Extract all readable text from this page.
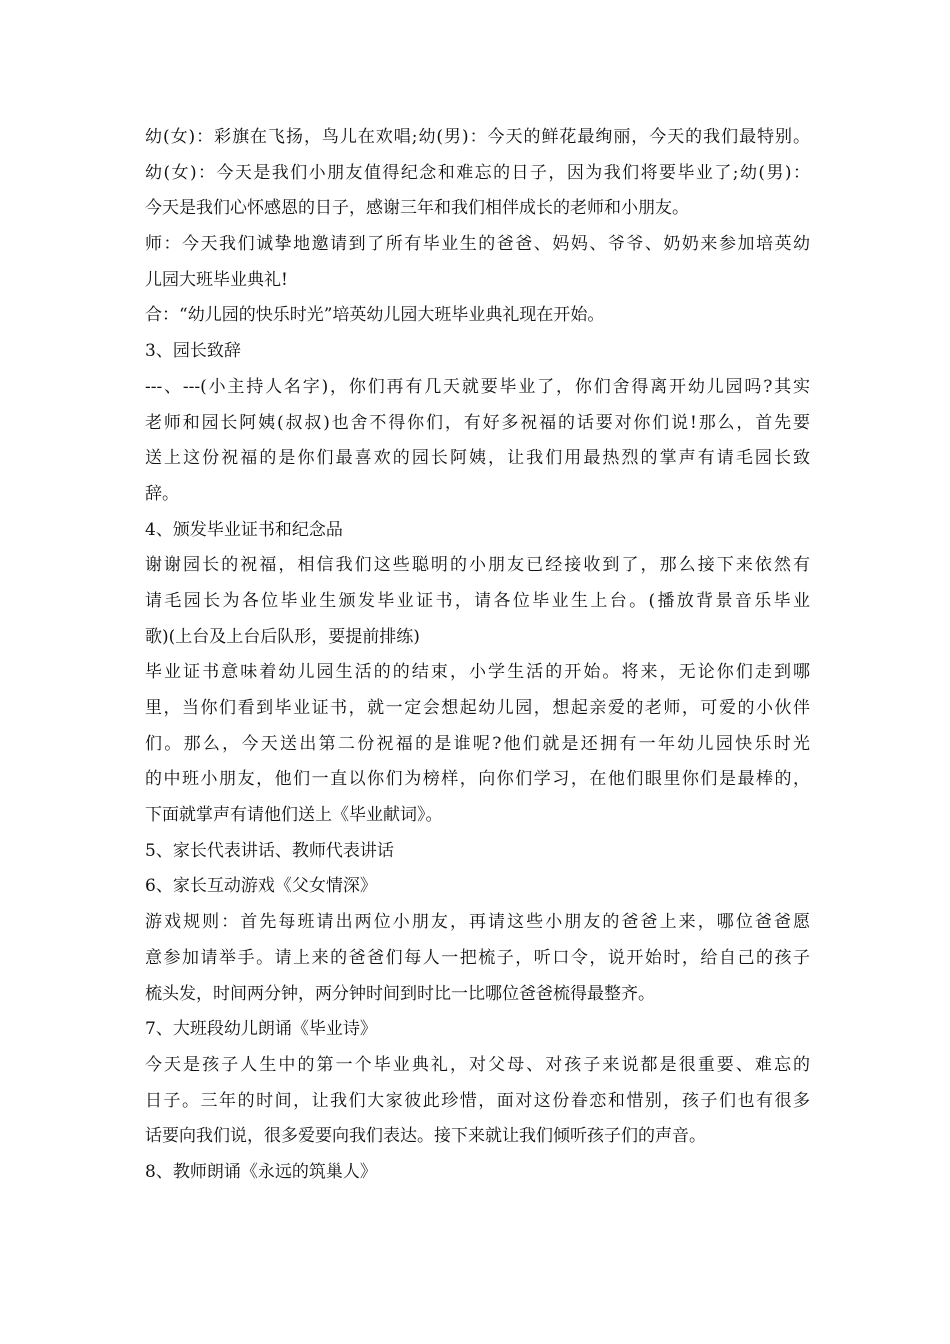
幼(女)：彩旗在飞扬，鸟儿在欢唱;幼(男)：今天的鲜花最绚丽，今天的我们最特别。
幼(女)：今天是我们小朋友值得纪念和难忘的日子，因为我们将要毕业了;幼(男)：
今天是我们心怀感恩的日子，感谢三年和我们相伴成长的老师和小朋友。
师：今天我们诚挚地邀请到了所有毕业生的爸爸、妈妈、爷爷、奶奶来参加培英幼
儿园大班毕业典礼!
合：“幼儿园的快乐时光”培英幼儿园大班毕业典礼现在开始。
3、园长致辞
---、---(小主持人名字)，你们再有几天就要毕业了，你们舍得离开幼儿园吗?其实
老师和园长阿姨(叔叔)也舍不得你们，有好多祝福的话要对你们说!那么，首先要
送上这份祝福的是你们最喜欢的园长阿姨，让我们用最热烈的掌声有请毛园长致
辞。
4、颁发毕业证书和纪念品
谢谢园长的祝福，相信我们这些聪明的小朋友已经接收到了，那么接下来依然有
请毛园长为各位毕业生颁发毕业证书，请各位毕业生上台。(播放背景音乐毕业
歌)(上台及上台后队形，要提前排练)
毕业证书意味着幼儿园生活的的结束，小学生活的开始。将来，无论你们走到哪
里，当你们看到毕业证书，就一定会想起幼儿园，想起亲爱的老师，可爱的小伙伴
们。那么，今天送出第二份祝福的是谁呢?他们就是还拥有一年幼儿园快乐时光
的中班小朋友，他们一直以你们为榜样，向你们学习，在他们眼里你们是最棒的，
下面就掌声有请他们送上《毕业献词》。
5、家长代表讲话、教师代表讲话
6、家长互动游戏《父女情深》
游戏规则：首先每班请出两位小朋友，再请这些小朋友的爸爸上来，哪位爸爸愿
意参加请举手。请上来的爸爸们每人一把梳子，听口令，说开始时，给自己的孩子
梳头发，时间两分钟，两分钟时间到时比一比哪位爸爸梳得最整齐。
7、大班段幼儿朗诵《毕业诗》
今天是孩子人生中的第一个毕业典礼，对父母、对孩子来说都是很重要、难忘的
日子。三年的时间，让我们大家彼此珍惜，面对这份眷恋和惜别，孩子们也有很多
话要向我们说，很多爱要向我们表达。接下来就让我们倾听孩子们的声音。
8、教师朗诵《永远的筑巢人》
